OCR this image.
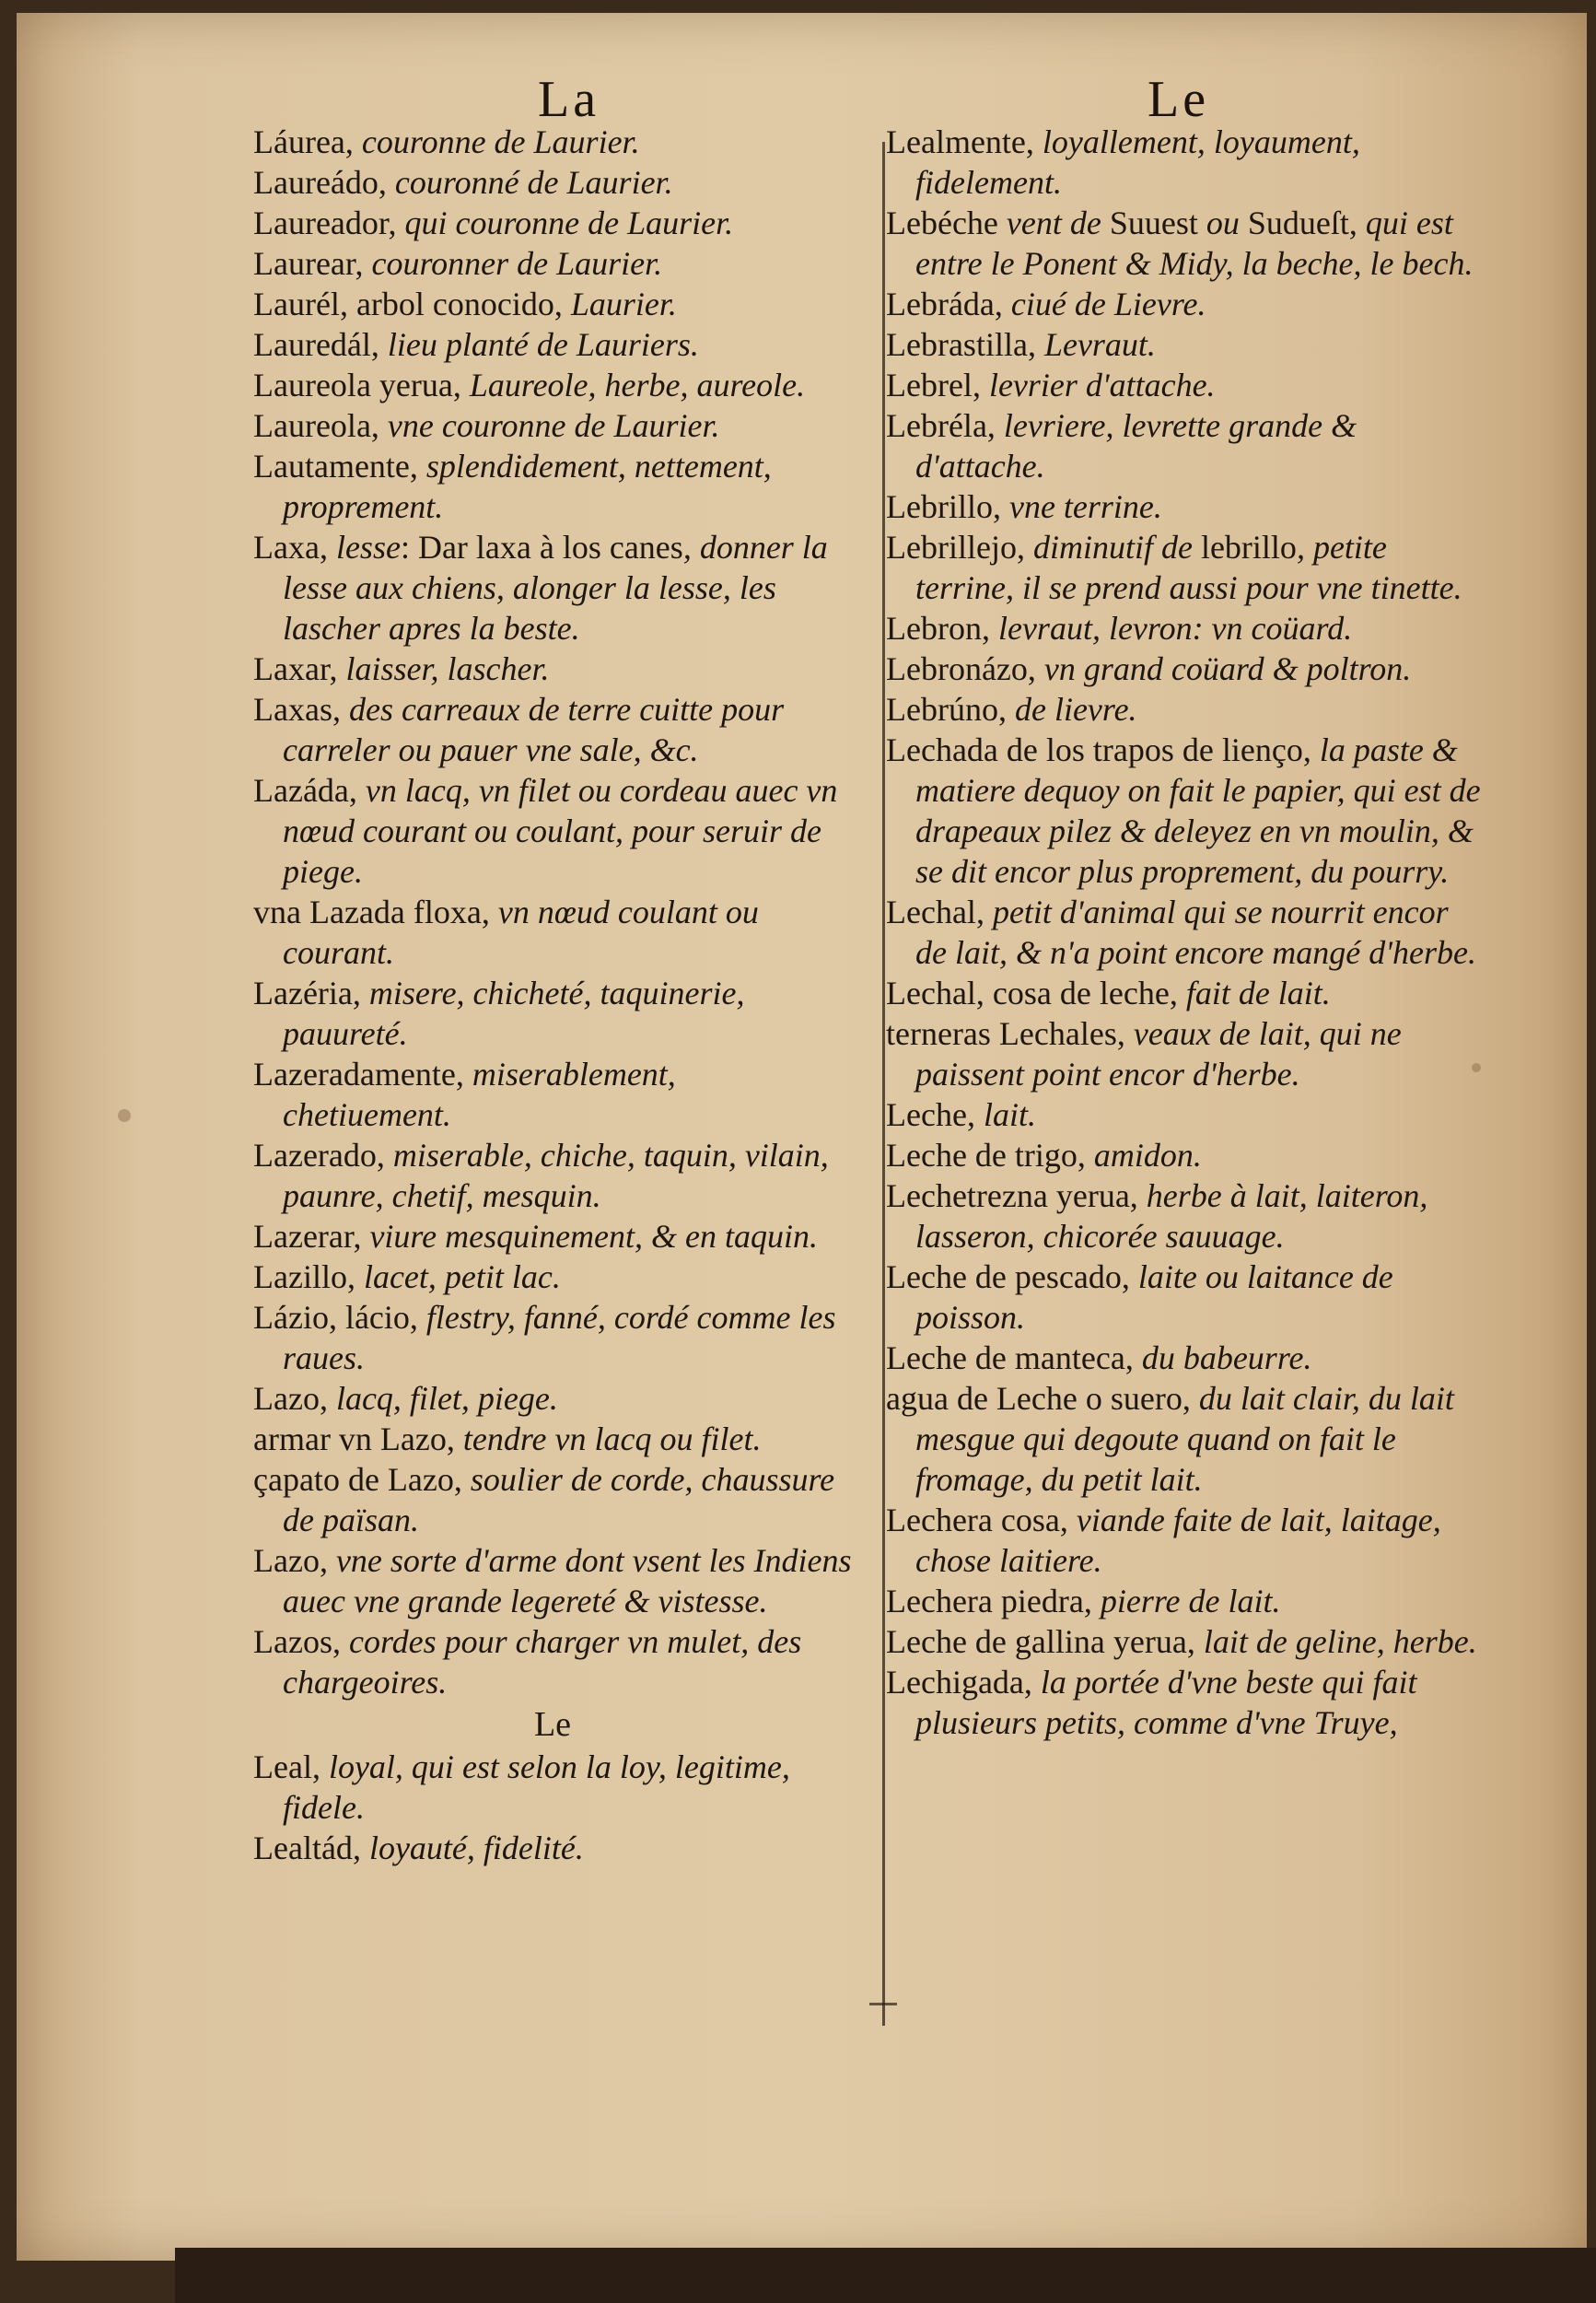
La	Le

Láurea, couronne de Laurier.

Laureádo, couronné de Laurier.

Laureador, qui couronne de Laurier.

Laurear, couronner de Laurier.

Laurél, arbol conocido, Laurier.

Lauredál, lieu planté de Lauriers.

Laureola yerua, Laureole, herbe, aureole.

Laureola, vne couronne de Laurier.

Lautamente, splendidement, nettement, proprement.

Laxa, lesse: Dar laxa à los canes, donner la lesse aux chiens, alonger la lesse, les lascher apres la beste.

Laxar, laisser, lascher.

Laxas, des carreaux de terre cuitte pour carreler ou pauer vne sale, &c.

Lazáda, vn lacq, vn filet ou cordeau auec vn nœud courant ou coulant, pour seruir de piege.

vna Lazada floxa, vn nœud coulant ou courant.

Lazéria, misere, chicheté, taquinerie, pauureté.

Lazeradamente, miserablement, chetiuement.

Lazerado, miserable, chiche, taquin, vilain, paunre, chetif, mesquin.

Lazerar, viure mesquinement, & en taquin.

Lazillo, lacet, petit lac.

Lázio, lácio, flestry, fanné, cordé comme les raues.

Lazo, lacq, filet, piege.

armar vn Lazo, tendre vn lacq ou filet.

çapato de Lazo, soulier de corde, chaussure de païsan.

Lazo, vne sorte d'arme dont vsent les Indiens auec vne grande legereté & vistesse.

Lazos, cordes pour charger vn mulet, des chargeoires.

Le

Leal, loyal, qui est selon la loy, legitime, fidele.

Lealtád, loyauté, fidelité.

Lealmente, loyallement, loyaument, fidelement.

Lebéche vent de Suuest ou Sudueſt, qui est entre le Ponent & Midy, la beche, le bech.

Lebráda, ciué de Lievre.

Lebrastilla, Levraut.

Lebrel, levrier d'attache.

Lebréla, levriere, levrette grande & d'attache.

Lebrillo, vne terrine.

Lebrillejo, diminutif de lebrillo, petite terrine, il se prend aussi pour vne tinette.

Lebron, levraut, levron: vn coüard.

Lebronázo, vn grand coüard & poltron.

Lebrúno, de lievre.

Lechada de los trapos de lienço, la paste & matiere dequoy on fait le papier, qui est de drapeaux pilez & deleyez en vn moulin, & se dit encor plus proprement, du pourry.

Lechal, petit d'animal qui se nourrit encor de lait, & n'a point encore mangé d'herbe.

Lechal, cosa de leche, fait de lait.

terneras Lechales, veaux de lait, qui ne paissent point encor d'herbe.

Leche, lait.

Leche de trigo, amidon.

Lechetrezna yerua, herbe à lait, laiteron, lasseron, chicorée sauuage.

Leche de pescado, laite ou laitance de poisson.

Leche de manteca, du babeurre.

agua de Leche o suero, du lait clair, du lait mesgue qui degoute quand on fait le fromage, du petit lait.

Lechera cosa, viande faite de lait, laitage, chose laitiere.

Lechera piedra, pierre de lait.

Leche de gallina yerua, lait de geline, herbe.

Lechigada, la portée d'vne beste qui fait plusieurs petits, comme d'vne Truye,
